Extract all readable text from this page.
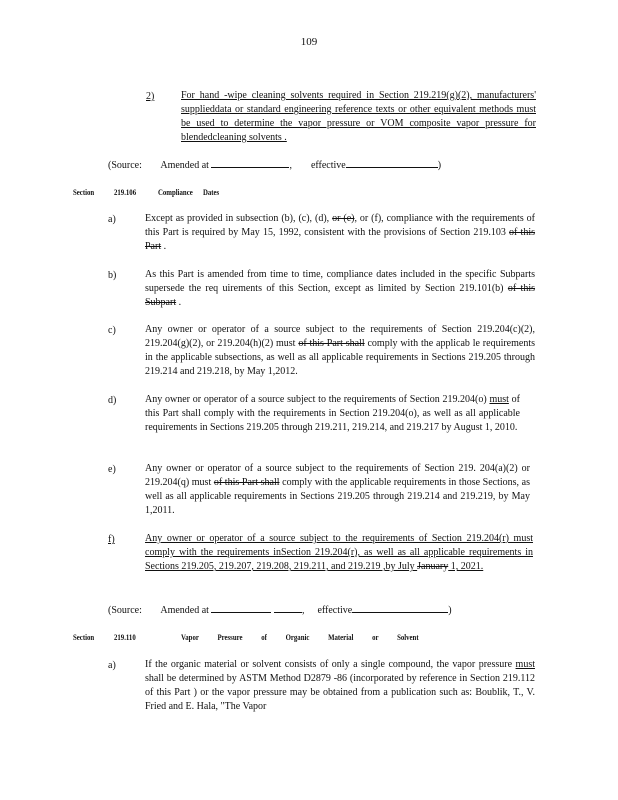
109
2)	For hand -wipe cleaning solvents required in Section 219.219(g)(2), manufacturers' supplieddata or standard engineering reference texts or other equivalent methods must be used to determine the vapor pressure or VOM composite vapor pressure for blendedcleaning solvents .
(Source: Amended at	, effective	)
Section 219.106	Compliance Dates
a)	Except as provided in subsection (b), (c), (d), or (e), or (f), compliance with the requirements of this Part is required by May 15, 1992, consistent with the provisions of Section 219.103 of this Part .
b)	As this Part is amended from time to time, compliance dates included in the specific Subparts supersede the req uirements of this Section, except as limited by Section 219.101(b) of this Subpart .
c)	Any owner or operator of a source subject to the requirements of Section 219.204(c)(2), 219.204(g)(2), or 219.204(h)(2) must of this Part shall comply with the applicab le requirements in the applicable subsections, as well as all applicable requirements in Sections 219.205 through 219.214 and 219.218, by May 1,2012.
d)	Any owner or operator of a source subject to the requirements of Section 219.204(o) must of this Part shall comply with the requirements in Section 219.204(o), as well as all applicable requirements in Sections 219.205 through 219.211, 219.214, and 219.217 by August 1, 2010.
e)	Any owner or operator of a source subject to the requirements of Section 219. 204(a)(2) or 219.204(q) must of this Part shall comply with the applicable requirements in those Sections, as well as all applicable requirements in Sections 219.205 through 219.214 and 219.219, by May 1,2011.
f)	Any owner or operator of a source subject to the requirements of Section 219.204(r) must comply with the requirements inSection 219.204(r), as well as all applicable requirements in Sections 219.205, 219.207, 219.208, 219.211, and 219.219 ,by July January 1, 2021.
(Source: Amended at	, effective	)
Section 219.110	Vapor Pressure of Organic Material or Solvent
a)	If the organic material or solvent consists of only a single compound, the vapor pressure must shall be determined by ASTM Method D2879 -86 (incorporated by reference in Section 219.112 of this Part ) or the vapor pressure may be obtained from a publication such as: Boublik, T., V. Fried and E. Hala, "The Vapor
